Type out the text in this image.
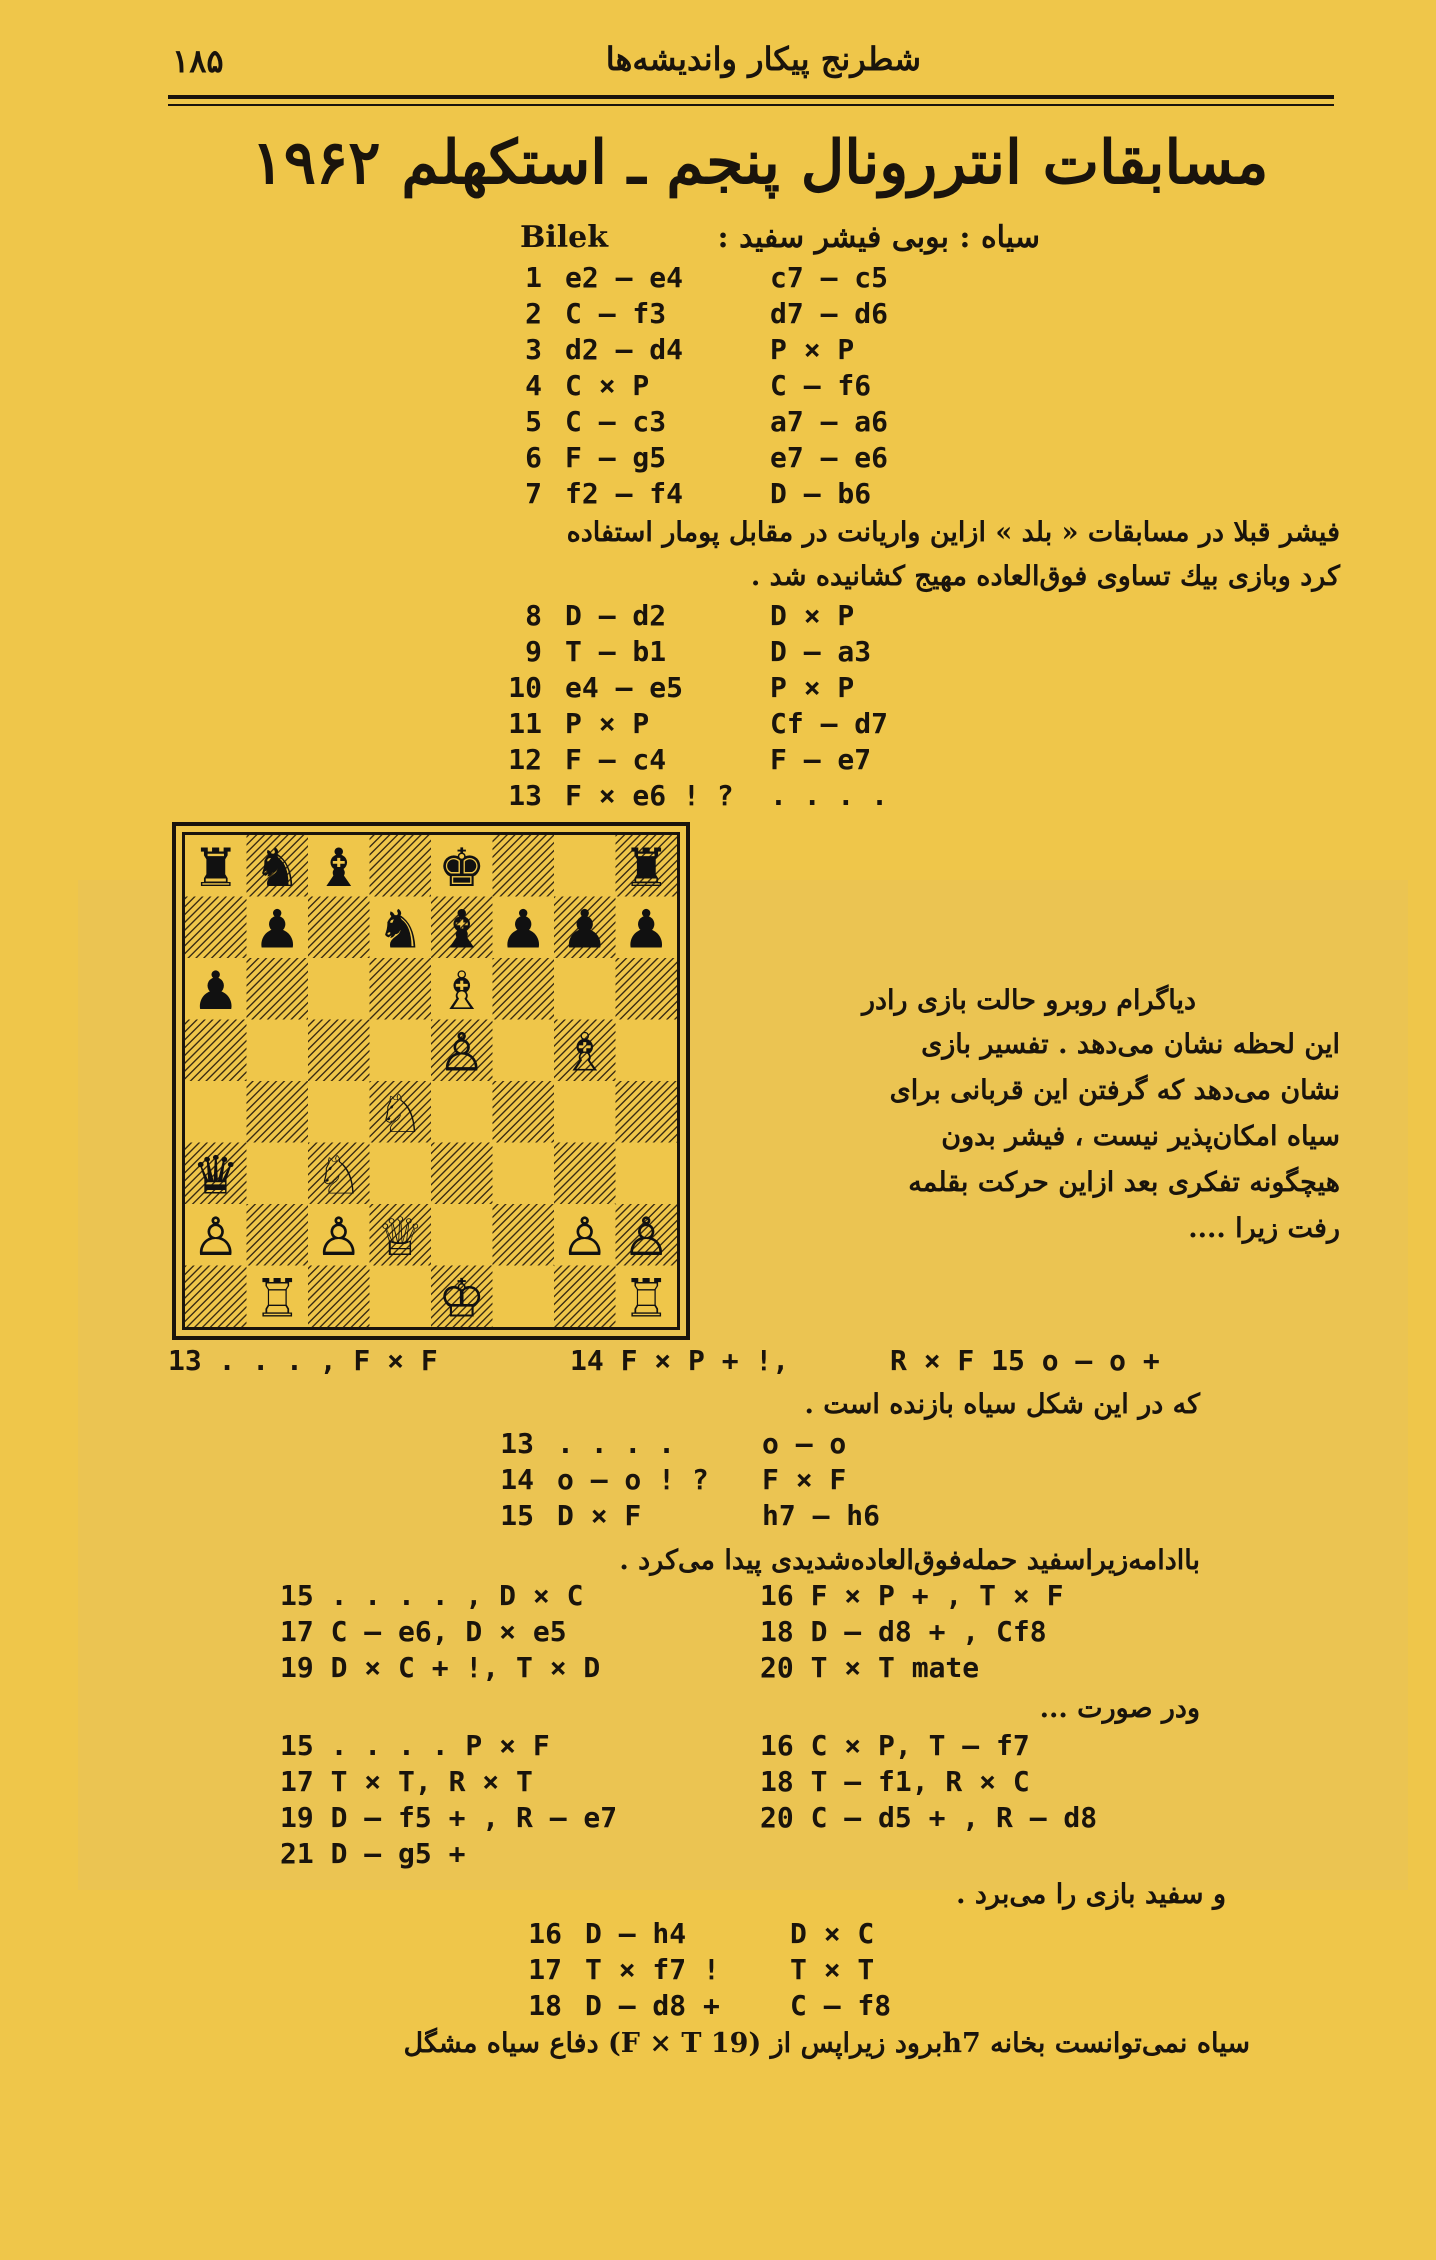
شطرنج پیکار واندیشه‌ها
۱۸۵
مسابقات انتررونال پنجم ـ استکهلم ۱۹۶۲
Bilek	سیاه : بوبی فیشر سفید :
1 e2 — e4	c7 — c5
2 C — f3	d7 — d6
3 d2 — d4	P × P
4 C × P	C — f6
5 C — c3	a7 — a6
6 F — g5	e7 — e6
7 f2 — f4	D — b6
فیشر قبلا در مسابقات « بلد » ازاین واریانت در مقابل پومار استفاده
کرد وبازی بیك تساوی فوق‌العاده مهیج کشانیده شد .
8 D — d2	D × P
9 T — b1	D — a3
10 e4 — e5	P × P
11 P × P	Cf — d7
12 F — c4	F — e7
13 F × e6 ! ? . . . .
دیاگرام روبرو حالت بازی رادر
این لحظه نشان می‌دهد . تفسیر بازی
نشان می‌دهد که گرفتن این قربانی برای
سیاه امکان‌پذیر نیست ، فیشر بدون
هیچگونه تفکری بعد ازاین حرکت بقلمه
رفت زیرا ....
13 . . . , F × F	14 F × P + !,	R × F 15 o — o +
که در این شکل سیاه بازنده است .
13 . . . .	o — o
14 o — o ! ? F × F
15 D × F	h7 — h6
باادامه‌زیراسفید حمله‌فوق‌العاده‌شدیدی پیدا می‌کرد .
15 . . . . , D × C	16 F × P + , T × F
17 C — e6, D × e5	18 D — d8 + , Cf8
19 D × C + !, T × D	20 T × T mate
ودر صورت ...
15 . . . . P × F	16 C × P, T — f7
17 T × T, R × T	18 T — f1, R × C
19 D — f5 + , R — e7	20 C — d5 + , R — d8
21 D — g5 +
و سفید بازی را می‌برد .
16 D — h4	D × C
17 T × f7 !	T × T
18 D — d8 +	C — f8
سیاه نمی‌توانست بخانه h7برود زیراپس از (19 F × T) دفاع سیاه مشگل
